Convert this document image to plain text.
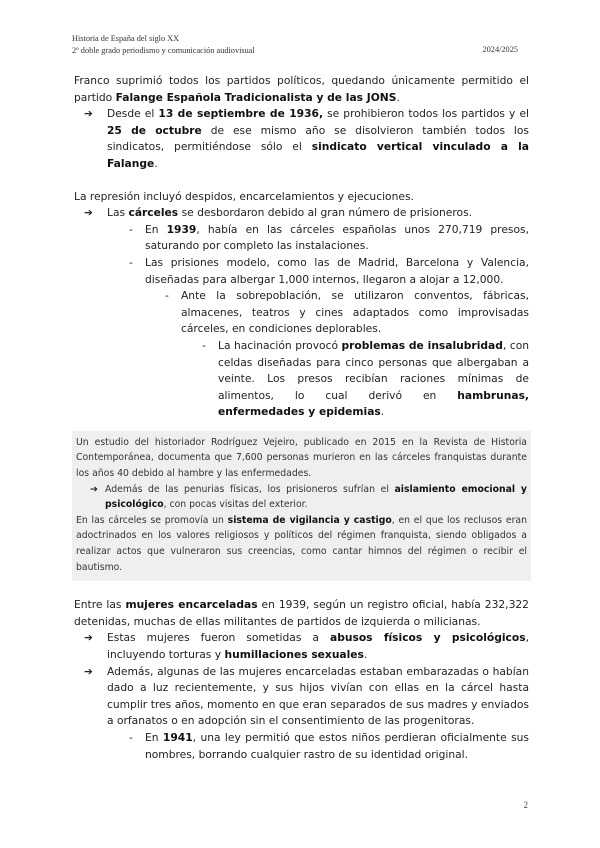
Historia de España del siglo XX
2º doble grado periodismo y comunicación audiovisual	2024/2025

Franco suprimió todos los partidos políticos, quedando únicamente permitido el partido Falange Española Tradicionalista y de las JONS.

➔ Desde el 13 de septiembre de 1936, se prohibieron todos los partidos y el 25 de octubre de ese mismo año se disolvieron también todos los sindicatos, permitiéndose sólo el sindicato vertical vinculado a la Falange.

La represión incluyó despidos, encarcelamientos y ejecuciones.

➔ Las cárceles se desbordaron debido al gran número de prisioneros.
- En 1939, había en las cárceles españolas unos 270,719 presos, saturando por completo las instalaciones.
- Las prisiones modelo, como las de Madrid, Barcelona y Valencia, diseñadas para albergar 1,000 internos, llegaron a alojar a 12,000.
- Ante la sobrepoblación, se utilizaron conventos, fábricas, almacenes, teatros y cines adaptados como improvisadas cárceles, en condiciones deplorables.
- La hacinación provocó problemas de insalubridad, con celdas diseñadas para cinco personas que albergaban a veinte. Los presos recibían raciones mínimas de alimentos, lo cual derivó en hambrunas, enfermedades y epidemias.

Un estudio del historiador Rodríguez Vejeiro, publicado en 2015 en la Revista de Historia Contemporánea, documenta que 7,600 personas murieron en las cárceles franquistas durante los años 40 debido al hambre y las enfermedades.

➔ Además de las penurias físicas, los prisioneros sufrían el aislamiento emocional y psicológico, con pocas visitas del exterior.

En las cárceles se promovía un sistema de vigilancia y castigo, en el que los reclusos eran adoctrinados en los valores religiosos y políticos del régimen franquista, siendo obligados a realizar actos que vulneraron sus creencias, como cantar himnos del régimen o recibir el bautismo.

Entre las mujeres encarceladas en 1939, según un registro oficial, había 232,322 detenidas, muchas de ellas militantes de partidos de izquierda o milicianas.

➔ Estas mujeres fueron sometidas a abusos físicos y psicológicos, incluyendo torturas y humillaciones sexuales.
➔ Además, algunas de las mujeres encarceladas estaban embarazadas o habían dado a luz recientemente, y sus hijos vivían con ellas en la cárcel hasta cumplir tres años, momento en que eran separados de sus madres y enviados a orfanatos o en adopción sin el consentimiento de las progenitoras.
- En 1941, una ley permitió que estos niños perdieran oficialmente sus nombres, borrando cualquier rastro de su identidad original.
2
